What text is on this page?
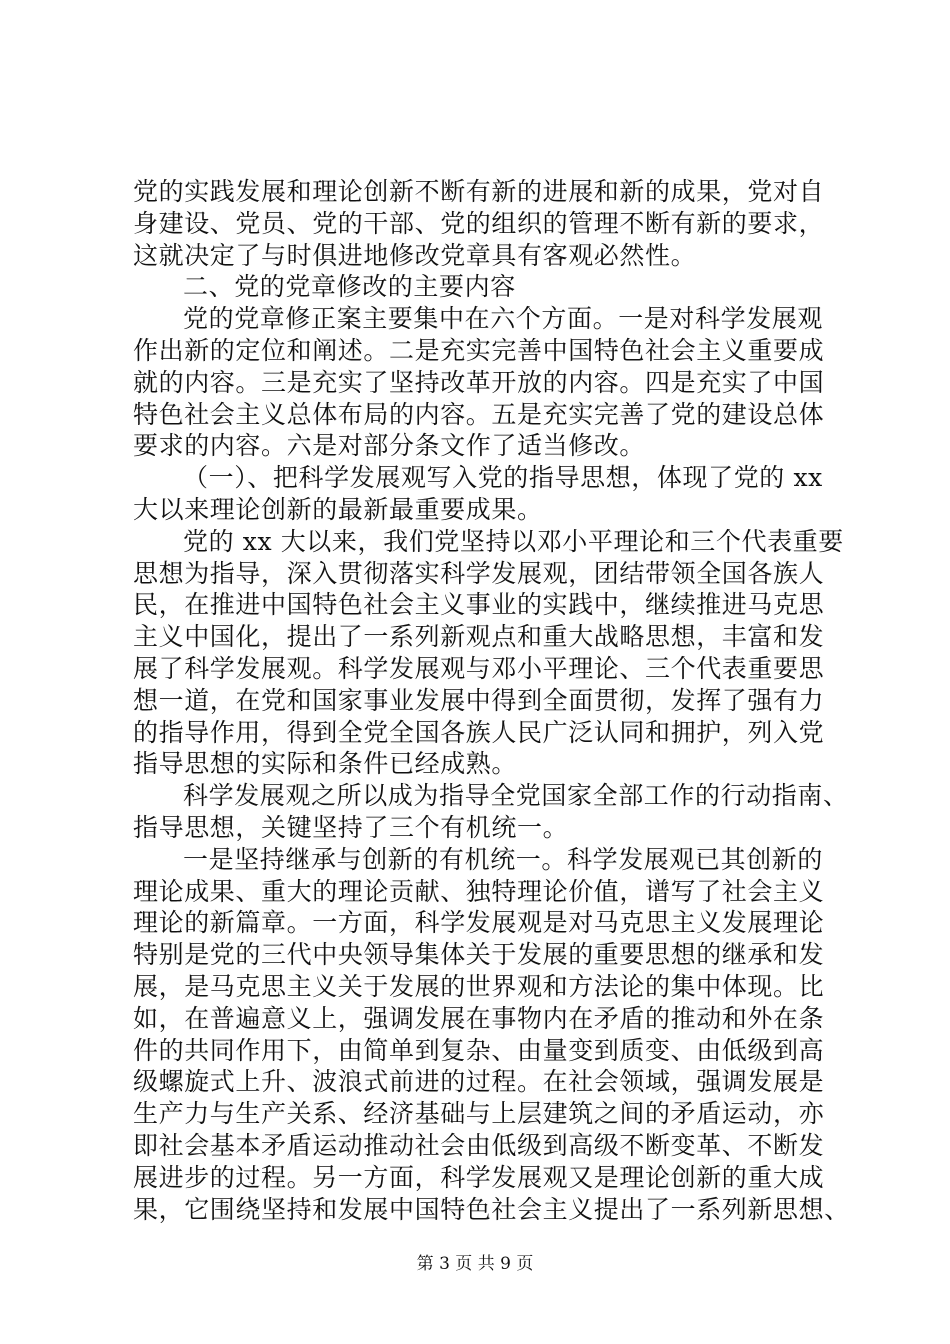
党的实践发展和理论创新不断有新的进展和新的成果，党对自
身建设、党员、党的干部、党的组织的管理不断有新的要求，
这就决定了与时俱进地修改党章具有客观必然性。
二、党的党章修改的主要内容
党的党章修正案主要集中在六个方面。一是对科学发展观
作出新的定位和阐述。二是充实完善中国特色社会主义重要成
就的内容。三是充实了坚持改革开放的内容。四是充实了中国
特色社会主义总体布局的内容。五是充实完善了党的建设总体
要求的内容。六是对部分条文作了适当修改。
（一）、把科学发展观写入党的指导思想，体现了党的 xx
大以来理论创新的最新最重要成果。
党的 xx 大以来，我们党坚持以邓小平理论和三个代表重要
思想为指导，深入贯彻落实科学发展观，团结带领全国各族人
民，在推进中国特色社会主义事业的实践中，继续推进马克思
主义中国化，提出了一系列新观点和重大战略思想，丰富和发
展了科学发展观。科学发展观与邓小平理论、三个代表重要思
想一道，在党和国家事业发展中得到全面贯彻，发挥了强有力
的指导作用，得到全党全国各族人民广泛认同和拥护，列入党
指导思想的实际和条件已经成熟。
科学发展观之所以成为指导全党国家全部工作的行动指南、
指导思想，关键坚持了三个有机统一。
一是坚持继承与创新的有机统一。科学发展观已其创新的
理论成果、重大的理论贡献、独特理论价值，谱写了社会主义
理论的新篇章。一方面，科学发展观是对马克思主义发展理论
特别是党的三代中央领导集体关于发展的重要思想的继承和发
展，是马克思主义关于发展的世界观和方法论的集中体现。比
如，在普遍意义上，强调发展在事物内在矛盾的推动和外在条
件的共同作用下，由简单到复杂、由量变到质变、由低级到高
级螺旋式上升、波浪式前进的过程。在社会领域，强调发展是
生产力与生产关系、经济基础与上层建筑之间的矛盾运动，亦
即社会基本矛盾运动推动社会由低级到高级不断变革、不断发
展进步的过程。另一方面，科学发展观又是理论创新的重大成
果，它围绕坚持和发展中国特色社会主义提出了一系列新思想、
第 3 页 共 9 页
